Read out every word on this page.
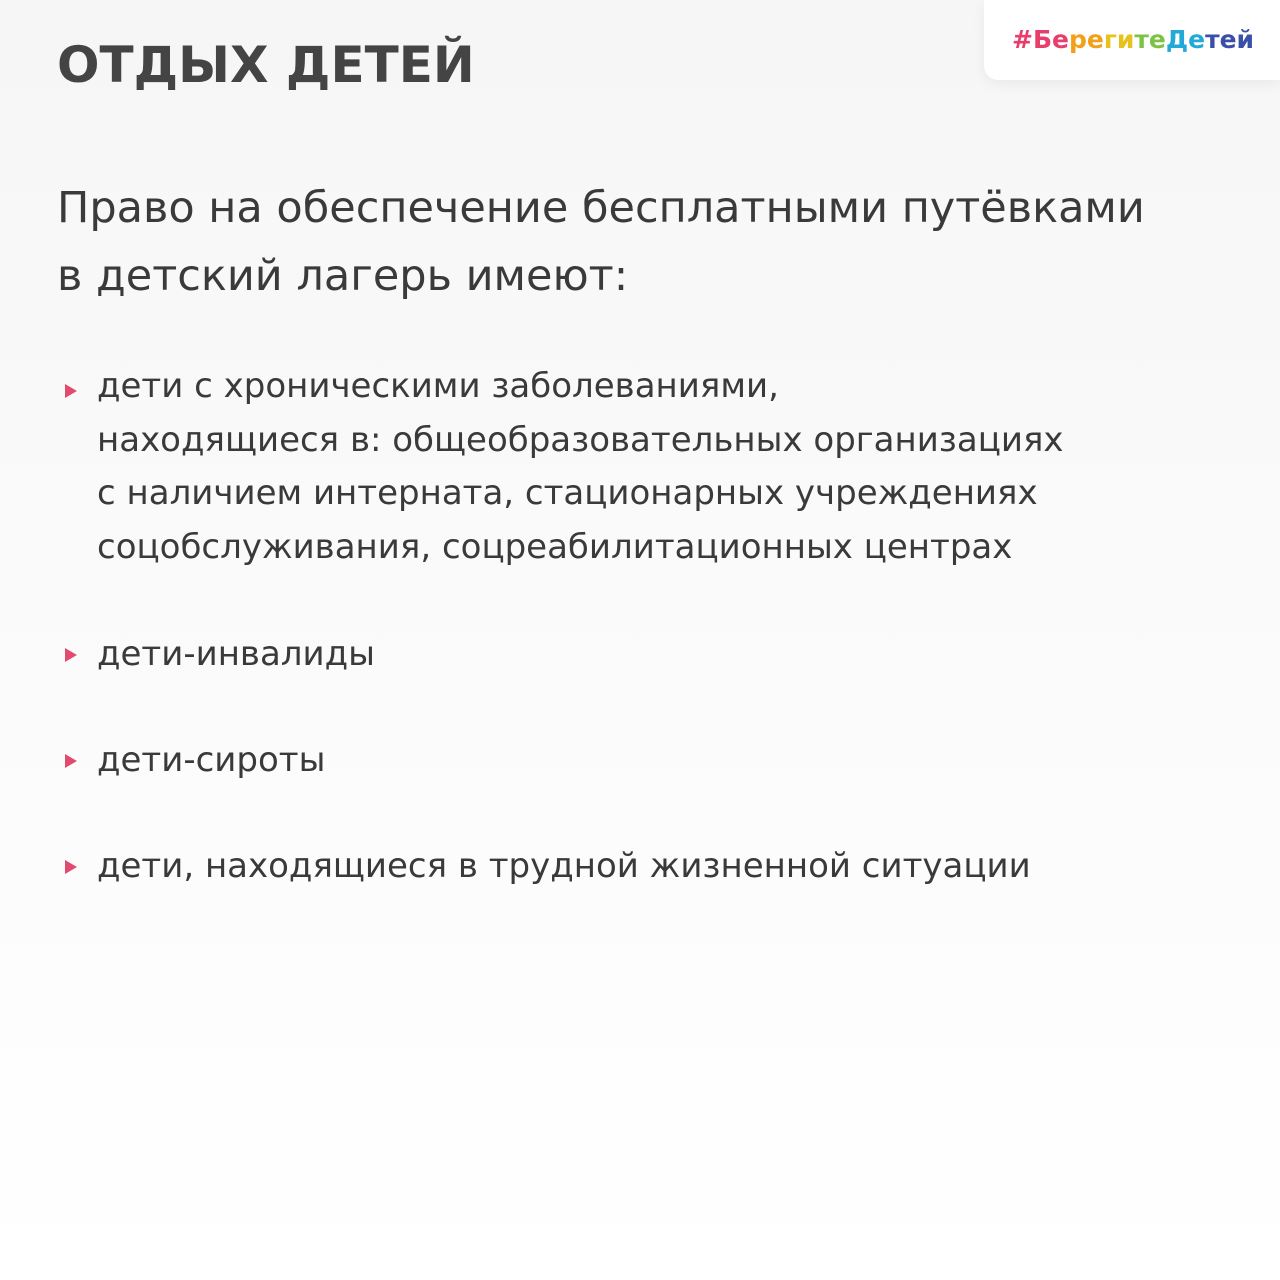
ОТДЫХ ДЕТЕЙ	#БерегитеДетей

Право на обеспечение бесплатными путёвками
в детский лагерь имеют:

дети с хроническими заболеваниями,
находящиеся в: общеобразовательных организациях
с наличием интерната, стационарных учреждениях
соцобслуживания, соцреабилитационных центрах
дети-инвалиды
дети-сироты
дети, находящиеся в трудной жизненной ситуации
